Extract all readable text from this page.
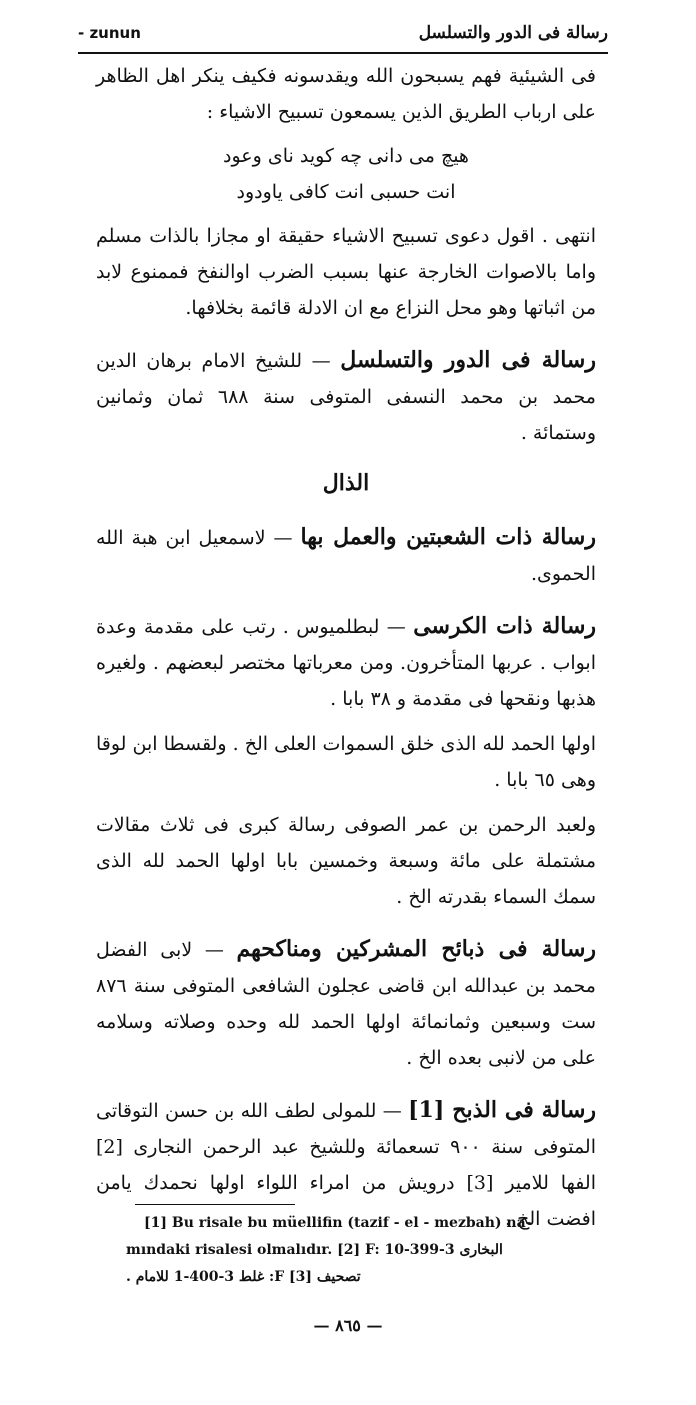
- zunun	رسالة فى الدور والتسلسل

فى الشيئية فهم يسبحون الله ويقدسونه فكيف ينكر اهل الظاهر على ارباب الطريق الذين يسمعون تسبيح الاشياء :

هيچ مى دانى چه كويد ناى وعود

انت حسبى انت كافى ياودود

انتهى . اقول دعوى تسبيح الاشياء حقيقة او مجازا بالذات مسلم واما بالاصوات الخارجة عنها بسبب الضرب اوالنفخ فممنوع لابد من اثباتها وهو محل النزاع مع ان الادلة قائمة بخلافها.

رسالة فى الدور والتسلسل — للشيخ الامام برهان الدين محمد بن محمد النسفى المتوفى سنة ٦٨٨ ثمان وثمانين وستمائة .

الذال

رسالة ذات الشعبتين والعمل بها — لاسمعيل ابن هبة الله الحموى.

رسالة ذات الكرسى — لبطلميوس . رتب على مقدمة وعدة ابواب . عربها المتأخرون. ومن معرباتها مختصر لبعضهم . ولغيره هذبها ونقحها فى مقدمة و ٣٨ بابا .

اولها الحمد لله الذى خلق السموات العلى الخ . ولقسطا ابن لوقا وهى ٦٥ بابا .

ولعبد الرحمن بن عمر الصوفى رسالة كبرى فى ثلاث مقالات مشتملة على مائة وسبعة وخمسين بابا اولها الحمد لله الذى سمك السماء بقدرته الخ .

رسالة فى ذبائح المشركين ومناكحهم — لابى الفضل محمد بن عبدالله ابن قاضى عجلون الشافعى المتوفى سنة ٨٧٦ ست وسبعين وثمانمائة اولها الحمد لله وحده وصلاته وسلامه على من لانبى بعده الخ .

رسالة فى الذبح [1] — للمولى لطف الله بن حسن التوقاتى المتوفى سنة ٩٠٠ تسعمائة وللشيخ عبد الرحمن النجارى [2] الفها للامير [3] درويش من امراء اللواء اولها نحمدك يامن افضت الخ .

[1] Bu risale bu müellifin (tazif - el - mezbah) na-
mındaki risalesi olmalıdır. [2] F: البخارى 3-399-10
. غلط 3-400-1 للامام :F [3] تصحيف
— ٨٦٥ —
